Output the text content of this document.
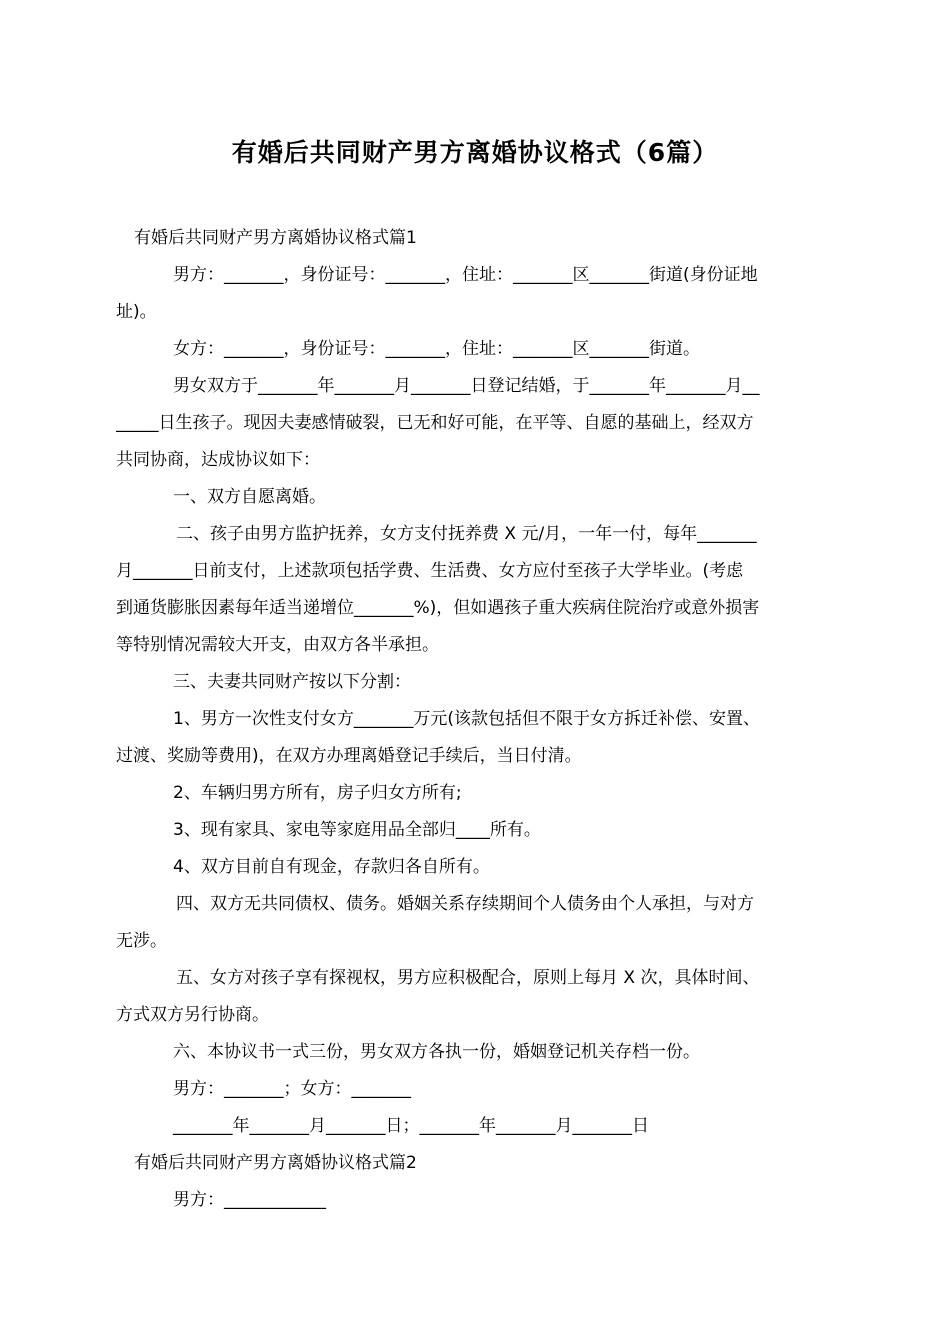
有婚后共同财产男方离婚协议格式（6篇）
有婚后共同财产男方离婚协议格式篇1
男方：_______，身份证号：_______，住址：_______区_______街道(身份证地
址)。
女方：_______，身份证号：_______，住址：_______区_______街道。
男女双方于_______年_______月_______日登记结婚，于_______年_______月__
_____日生孩子。现因夫妻感情破裂，已无和好可能，在平等、自愿的基础上，经双方
共同协商，达成协议如下：
一、双方自愿离婚。
二、孩子由男方监护抚养，女方支付抚养费 X 元/月，一年一付，每年_______
月_______日前支付，上述款项包括学费、生活费、女方应付至孩子大学毕业。(考虑
到通货膨胀因素每年适当递增位_______%)，但如遇孩子重大疾病住院治疗或意外损害
等特别情况需较大开支，由双方各半承担。
三、夫妻共同财产按以下分割：
1、男方一次性支付女方_______万元(该款包括但不限于女方拆迁补偿、安置、
过渡、奖励等费用)，在双方办理离婚登记手续后，当日付清。
2、车辆归男方所有，房子归女方所有;
3、现有家具、家电等家庭用品全部归____所有。
4、双方目前自有现金，存款归各自所有。
四、双方无共同债权、债务。婚姻关系存续期间个人债务由个人承担，与对方
无涉。
五、女方对孩子享有探视权，男方应积极配合，原则上每月 X 次，具体时间、
方式双方另行协商。
六、本协议书一式三份，男女双方各执一份，婚姻登记机关存档一份。
男方：_______；女方：_______
_______年_______月_______日；_______年_______月_______日
有婚后共同财产男方离婚协议格式篇2
男方：____________
